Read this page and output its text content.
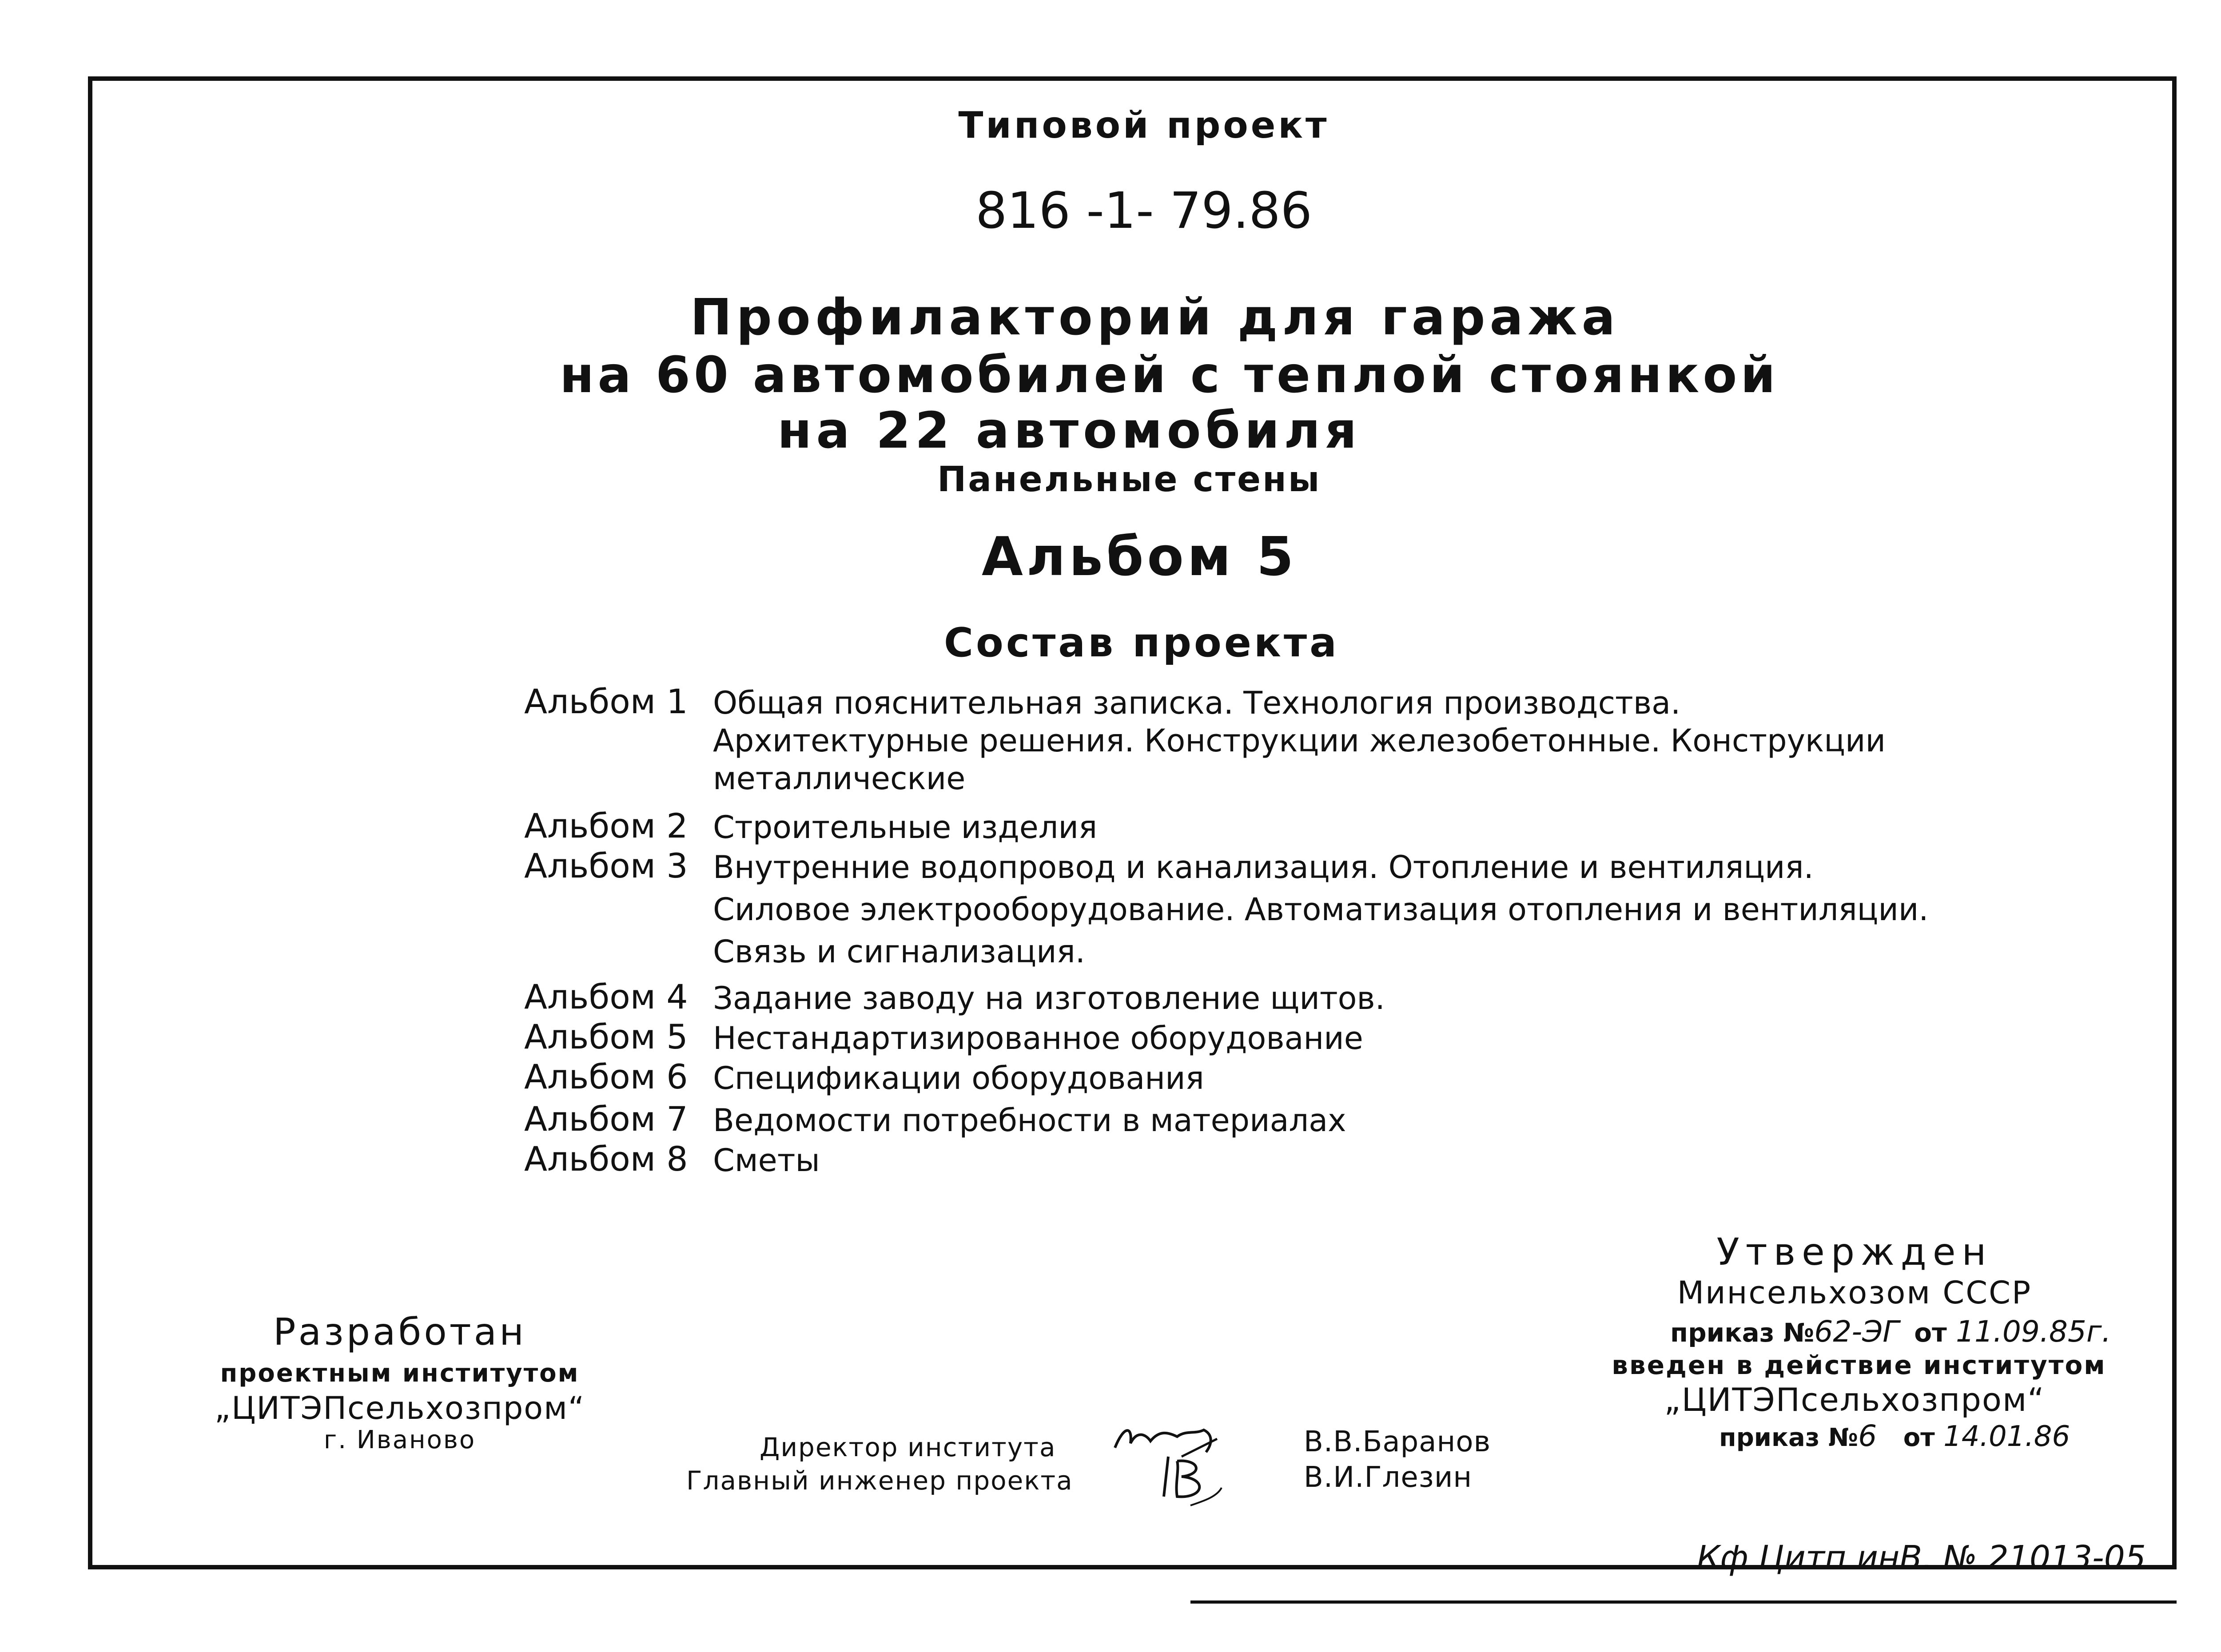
Типовой проект
816 -1- 79.86
Профилакторий для гаража
на 60 автомобилей с теплой стоянкой
на 22 автомобиля
Панельные стены
Альбом 5
Состав проекта
Альбом 1 Общая пояснительная записка. Технология производства.
Архитектурные решения. Конструкции железобетонные. Конструкции
металлические
Альбом 2 Строительные изделия
Альбом 3 Внутренние водопровод и канализация. Отопление и вентиляция.
Силовое электрооборудование. Автоматизация отопления и вентиляции.
Связь и сигнализация.
Альбом 4 Задание заводу на изготовление щитов.
Альбом 5 Нестандартизированное оборудование
Альбом 6 Спецификации оборудования
Альбом 7 Ведомости потребности в материалах
Альбом 8 Сметы
Утвержден
Минсельхозом СССР
приказ №62-ЭГ от 11.09.85г.
введен в действие институтом
„ЦИТЭПсельхозпром“
приказ №6 от 14.01.86
Разработан
проектным институтом
„ЦИТЭПсельхозпром“
г. Иваново	Директор института
Главный инженер проекта
В.В.Баранов
В.И.Глезин
Кф Цитп инВ. № 21013-05
